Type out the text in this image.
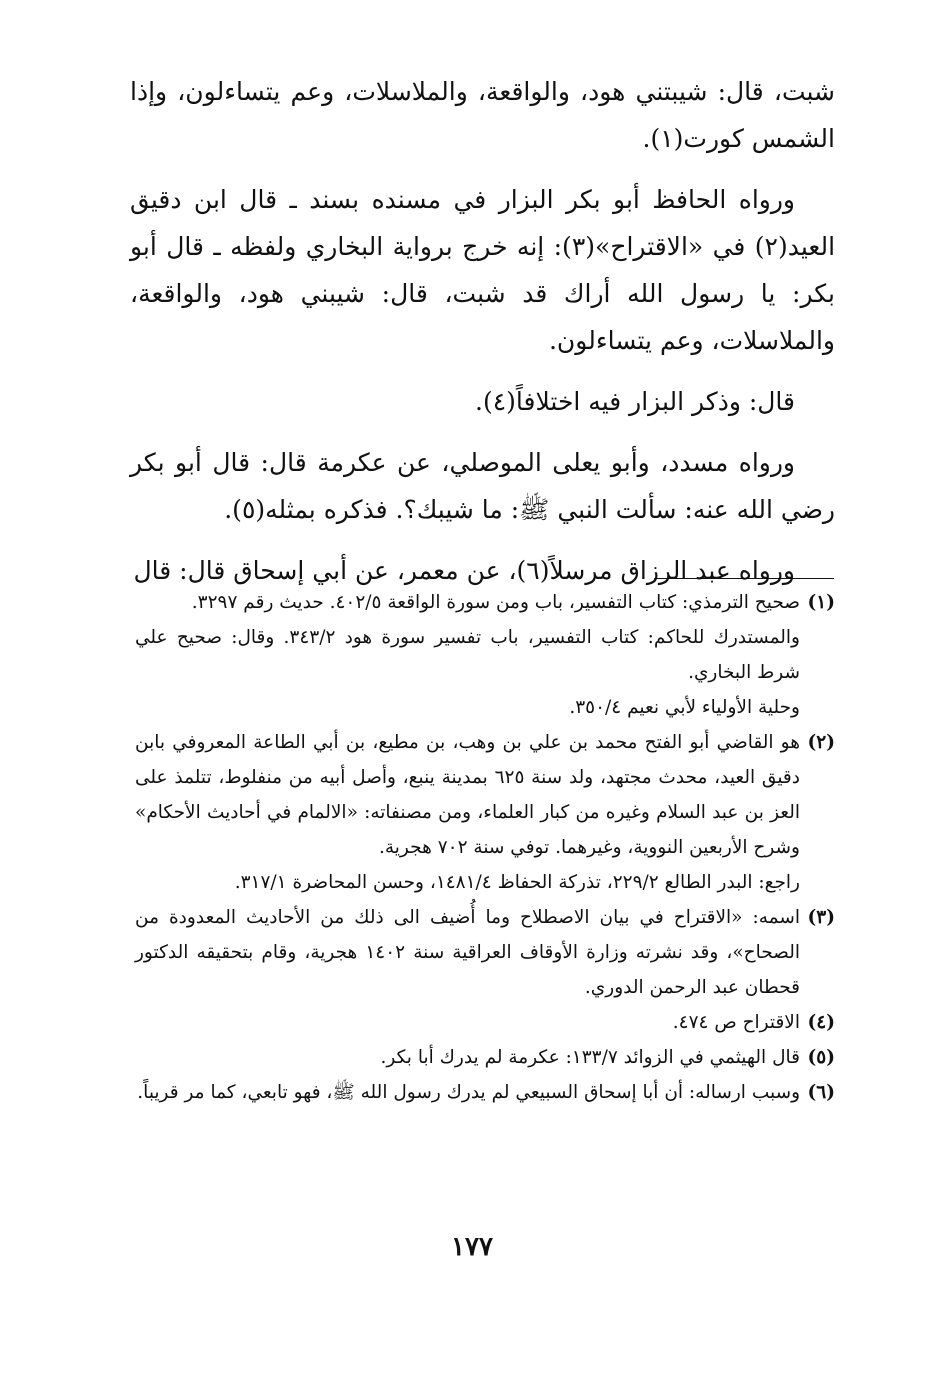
شبت، قال: شيبتني هود، والواقعة، والملاسلات، وعم يتساءلون، وإذا الشمس كورت(١).

ورواه الحافظ أبو بكر البزار في مسنده بسند ـ قال ابن دقيق العيد(٢) في «الاقتراح»(٣): إنه خرج برواية البخاري ولفظه ـ قال أبو بكر: يا رسول الله أراك قد شبت، قال: شيبني هود، والواقعة، والملاسلات، وعم يتساءلون.

قال: وذكر البزار فيه اختلافاً(٤).

ورواه مسدد، وأبو يعلى الموصلي، عن عكرمة قال: قال أبو بكر رضي الله عنه: سألت النبي ﷺ: ما شيبك؟. فذكره بمثله(٥).

ورواه عبد الرزاق مرسلاً(٦)، عن معمر، عن أبي إسحاق قال: قال

(١)
صحيح الترمذي: كتاب التفسير، باب ومن سورة الواقعة ٤٠٢/٥. حديث رقم ٣٢٩٧.
والمستدرك للحاكم: كتاب التفسير، باب تفسير سورة هود ٣٤٣/٢. وقال: صحيح علي شرط البخاري.
وحلية الأولياء لأبي نعيم ٣٥٠/٤.
(٢)
هو القاضي أبو الفتح محمد بن علي بن وهب، بن مطيع، بن أبي الطاعة المعروفي بابن دقيق العيد، محدث مجتهد، ولد سنة ٦٢٥ بمدينة ينبع، وأصل أبيه من منفلوط، تتلمذ على العز بن عبد السلام وغيره من كبار العلماء، ومن مصنفاته: «الالمام في أحاديث الأحكام» وشرح الأربعين النووية، وغيرهما. توفي سنة ٧٠٢ هجرية.
راجع: البدر الطالع ٢٢٩/٢، تذركة الحفاظ ١٤٨١/٤، وحسن المحاضرة ٣١٧/١.
(٣)
اسمه: «الاقتراح في بيان الاصطلاح وما أُضيف الى ذلك من الأحاديث المعدودة من الصحاح»، وقد نشرته وزارة الأوقاف العراقية سنة ١٤٠٢ هجرية، وقام بتحقيقه الدكتور قحطان عبد الرحمن الدوري.
(٤)
الاقتراح ص ٤٧٤.
(٥)
قال الهيثمي في الزوائد ١٣٣/٧: عكرمة لم يدرك أبا بكر.
(٦)
وسبب ارساله: أن أبا إسحاق السبيعي لم يدرك رسول الله ﷺ، فهو تابعي، كما مر قريباً.
١٧٧
